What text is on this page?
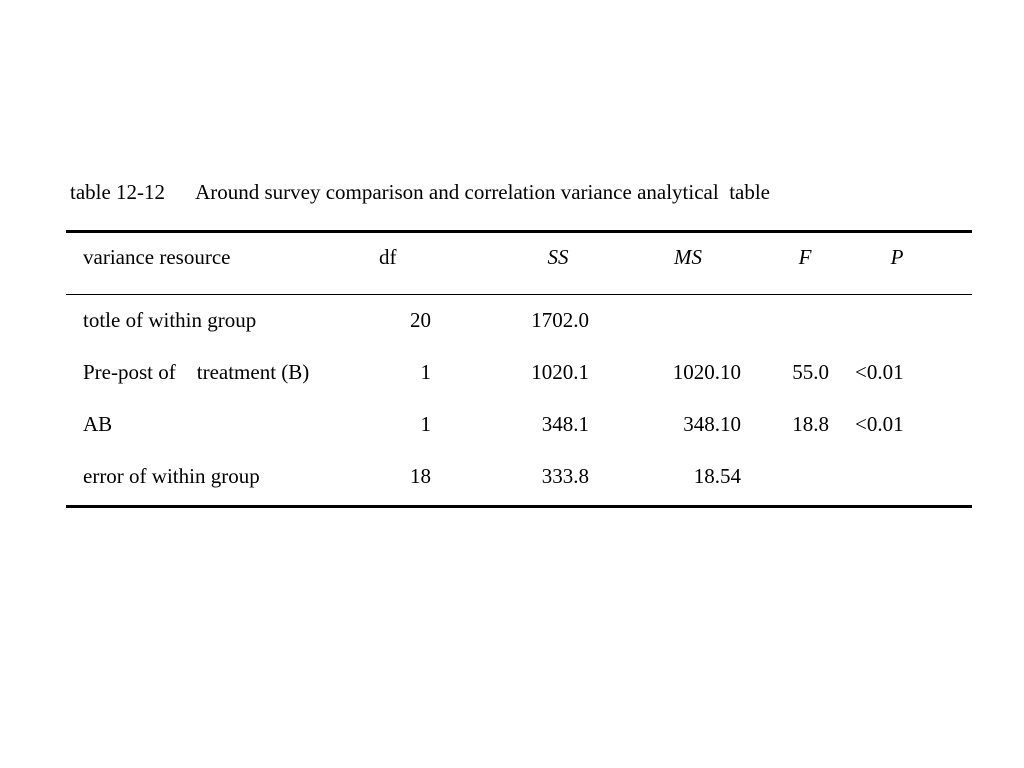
table 12-12 Around survey comparison and correlation variance analytical  table
variance resource	df	SS	MS	F	P
totle of within group	20	1702.0
Pre-post of    treatment (B)	1	1020.1	1020.10	55.0 <0.01
AB	1	348.1	348.10	18.8 <0.01
error of within group	18	333.8	18.54
